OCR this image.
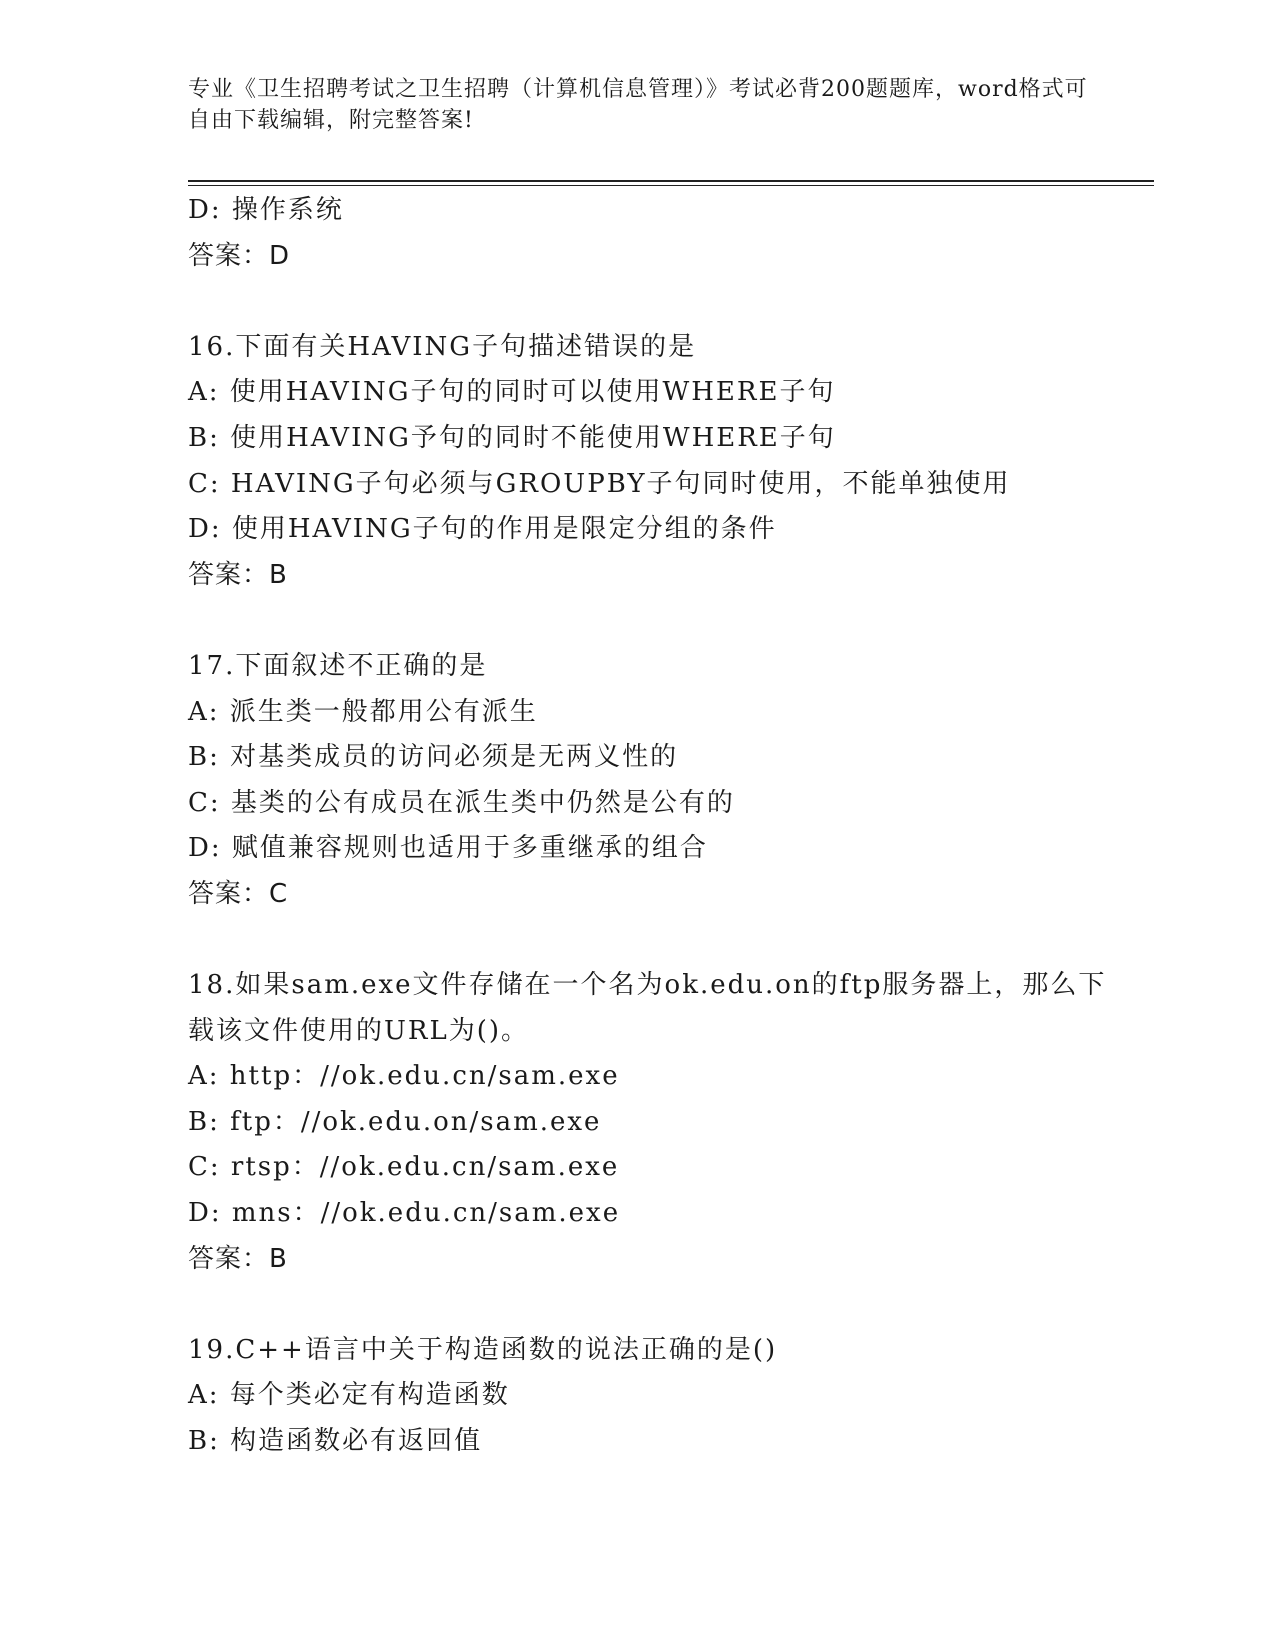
专业《卫生招聘考试之卫生招聘（计算机信息管理）》考试必背200题题库，word格式可自由下载编辑，附完整答案!
D: 操作系统
答案：D
16.下面有关HAVING子句描述错误的是
A: 使用HAVING子句的同时可以使用WHERE子句
B: 使用HAVING予句的同时不能使用WHERE子句
C: HAVING子句必须与GROUPBY子句同时使用，不能单独使用
D: 使用HAVING子句的作用是限定分组的条件
答案：B
17.下面叙述不正确的是
A: 派生类一般都用公有派生
B: 对基类成员的访问必须是无两义性的
C: 基类的公有成员在派生类中仍然是公有的
D: 赋值兼容规则也适用于多重继承的组合
答案：C
18.如果sam.exe文件存储在一个名为ok.edu.on的ftp服务器上，那么下载该文件使用的URL为()。
A: http：//ok.edu.cn/sam.exe
B: ftp：//ok.edu.on/sam.exe
C: rtsp：//ok.edu.cn/sam.exe
D: mns：//ok.edu.cn/sam.exe
答案：B
19.C++语言中关于构造函数的说法正确的是()
A: 每个类必定有构造函数
B: 构造函数必有返回值
